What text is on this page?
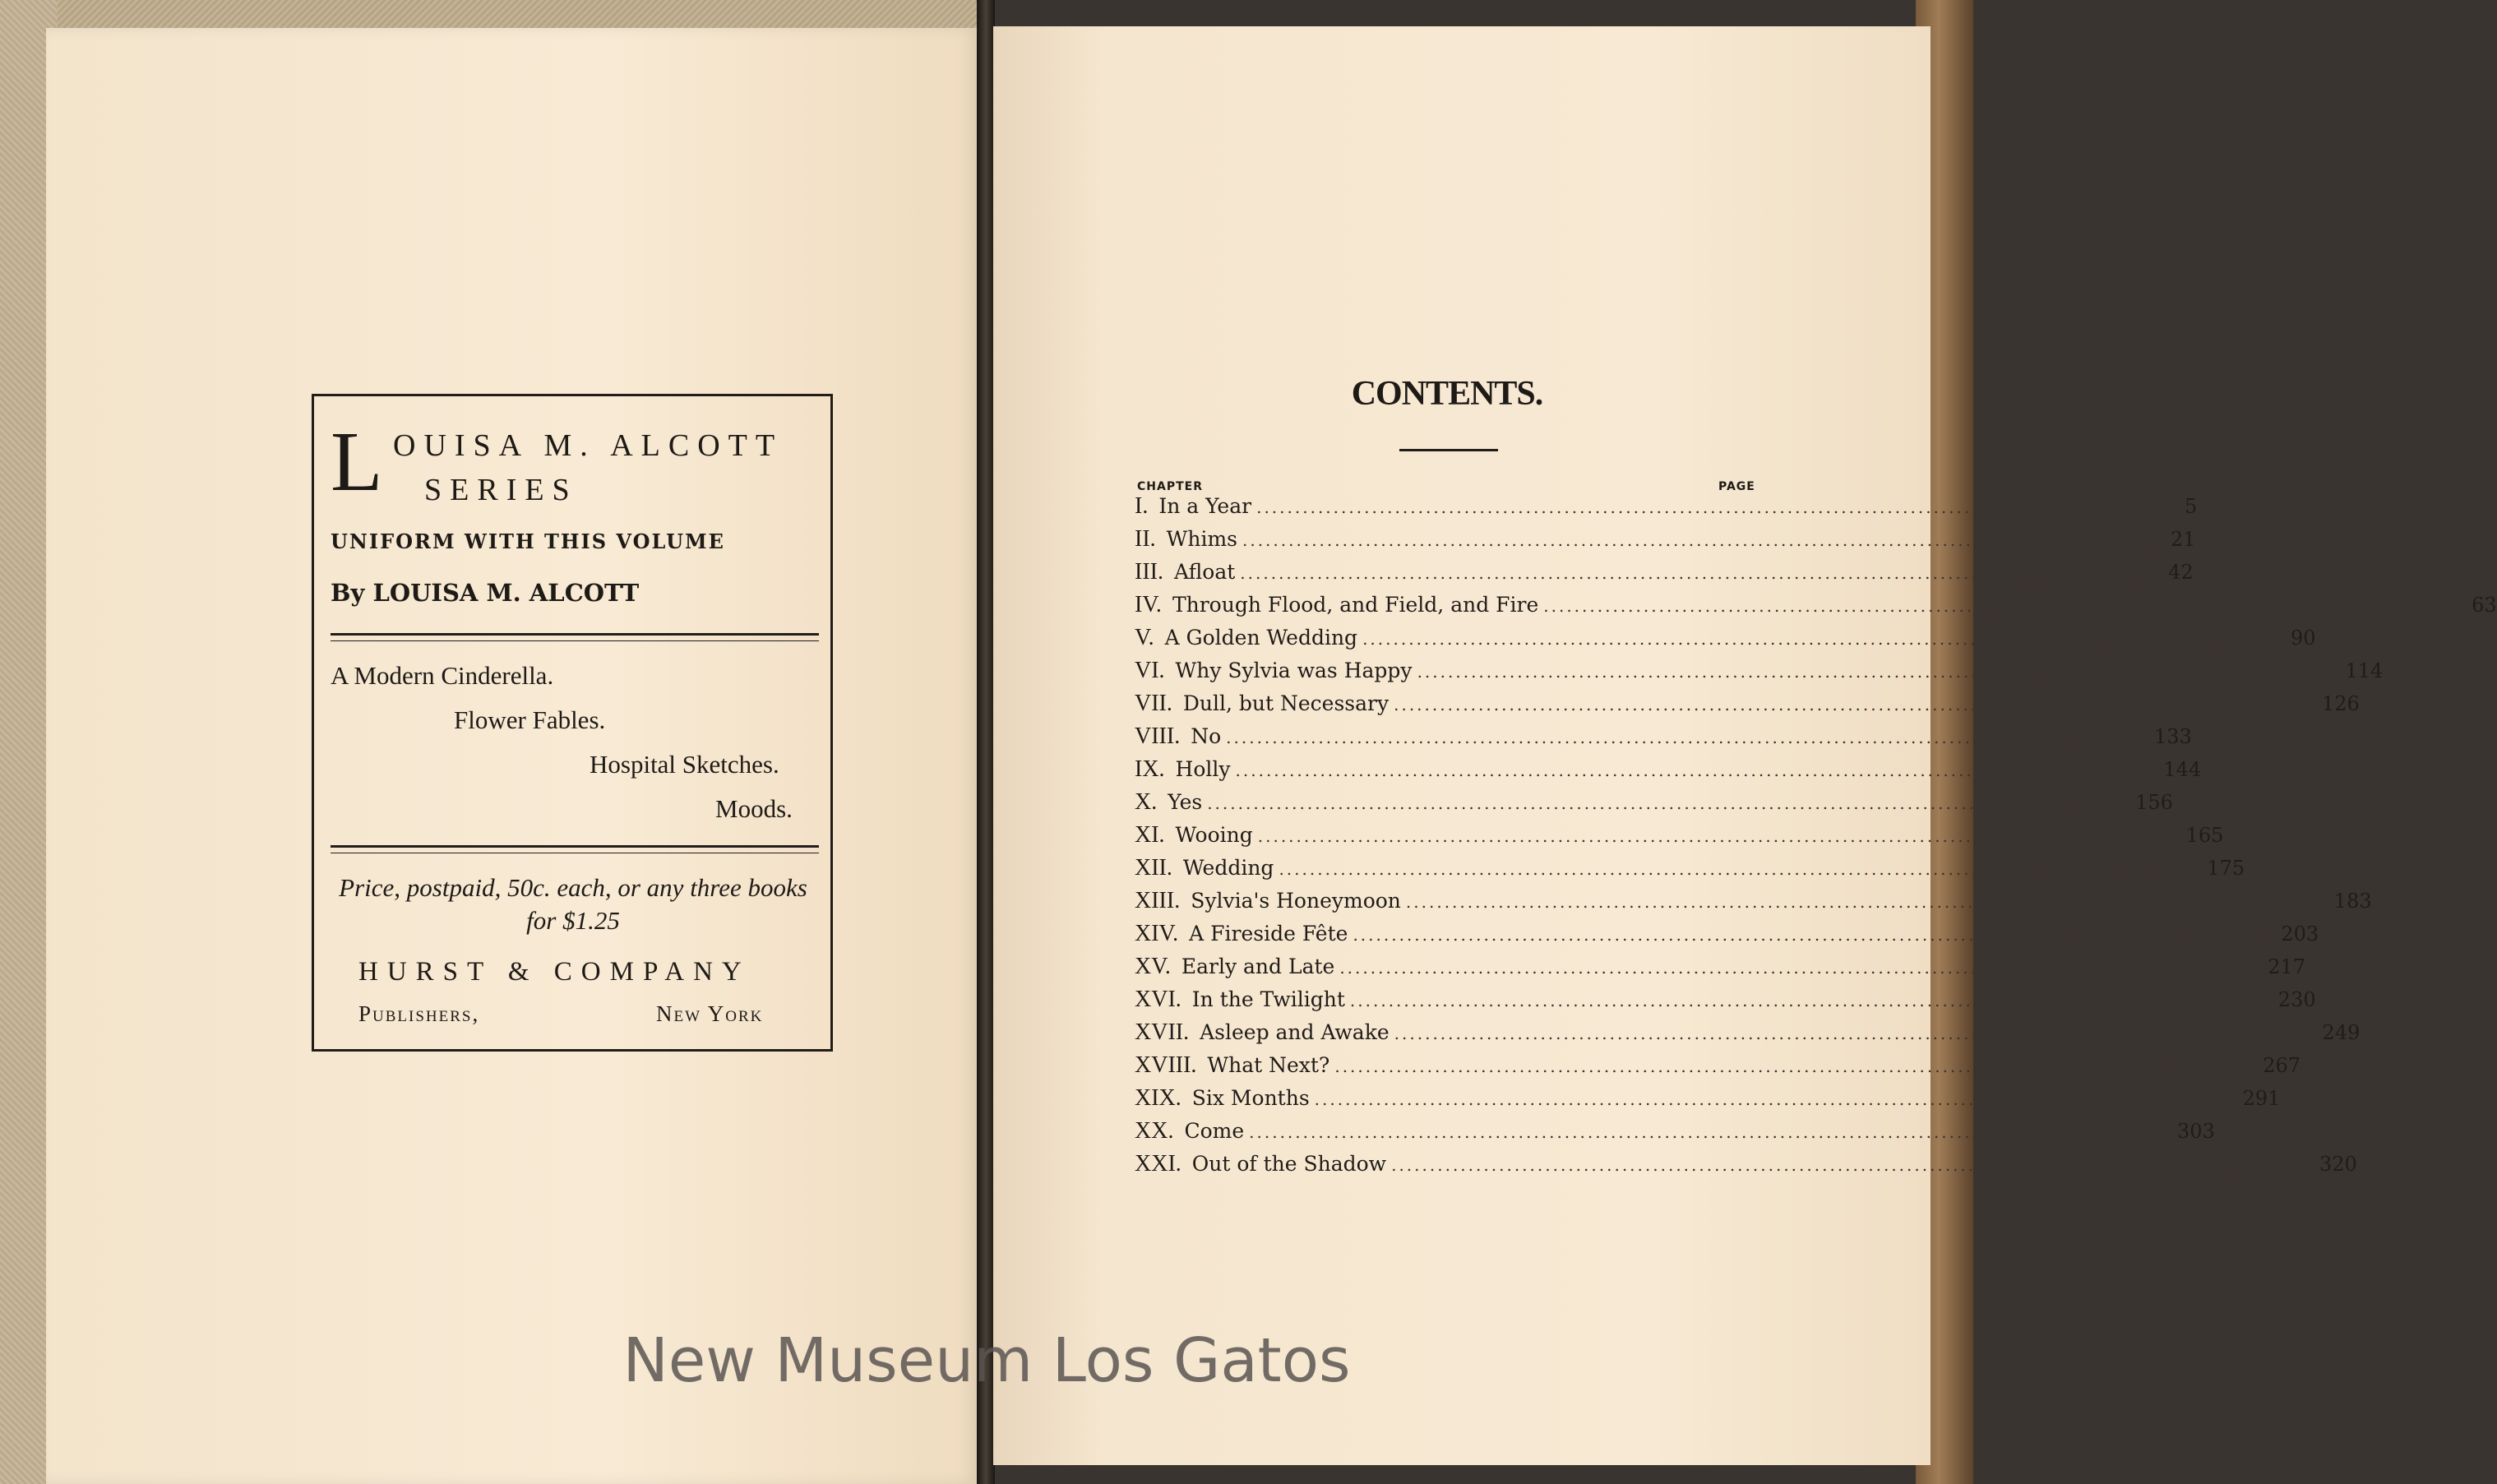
L OUISA M. ALCOTT
SERIES
UNIFORM WITH THIS VOLUME
By LOUISA M. ALCOTT
A Modern Cinderella.
Flower Fables.
Hospital Sketches.
Moods.
Price, postpaid, 50c. each, or any three books for $1.25
HURST & COMPANY
Publishers,	New York
CONTENTS.
CHAPTER	PAGE
I. In a Year ........................................................................................................................ 5
II. Whims ........................................................................................................................ 21
III. Afloat ........................................................................................................................ 42
IV. Through Flood, and Field, and Fire ........................................................................................................................ 63
V. A Golden Wedding ........................................................................................................................ 90
VI. Why Sylvia was Happy ........................................................................................................................ 114
VII. Dull, but Necessary ........................................................................................................................ 126
VIII. No ........................................................................................................................ 133
IX. Holly ........................................................................................................................ 144
X. Yes ........................................................................................................................ 156
XI. Wooing ........................................................................................................................ 165
XII. Wedding ........................................................................................................................ 175
XIII. Sylvia's Honeymoon ........................................................................................................................ 183
XIV. A Fireside Fête ........................................................................................................................ 203
XV. Early and Late ........................................................................................................................ 217
XVI. In the Twilight ........................................................................................................................ 230
XVII. Asleep and Awake ........................................................................................................................ 249
XVIII. What Next? ........................................................................................................................ 267
XIX. Six Months ........................................................................................................................ 291
XX. Come ........................................................................................................................ 303
XXI. Out of the Shadow ........................................................................................................................ 320
New Museum Los Gatos
